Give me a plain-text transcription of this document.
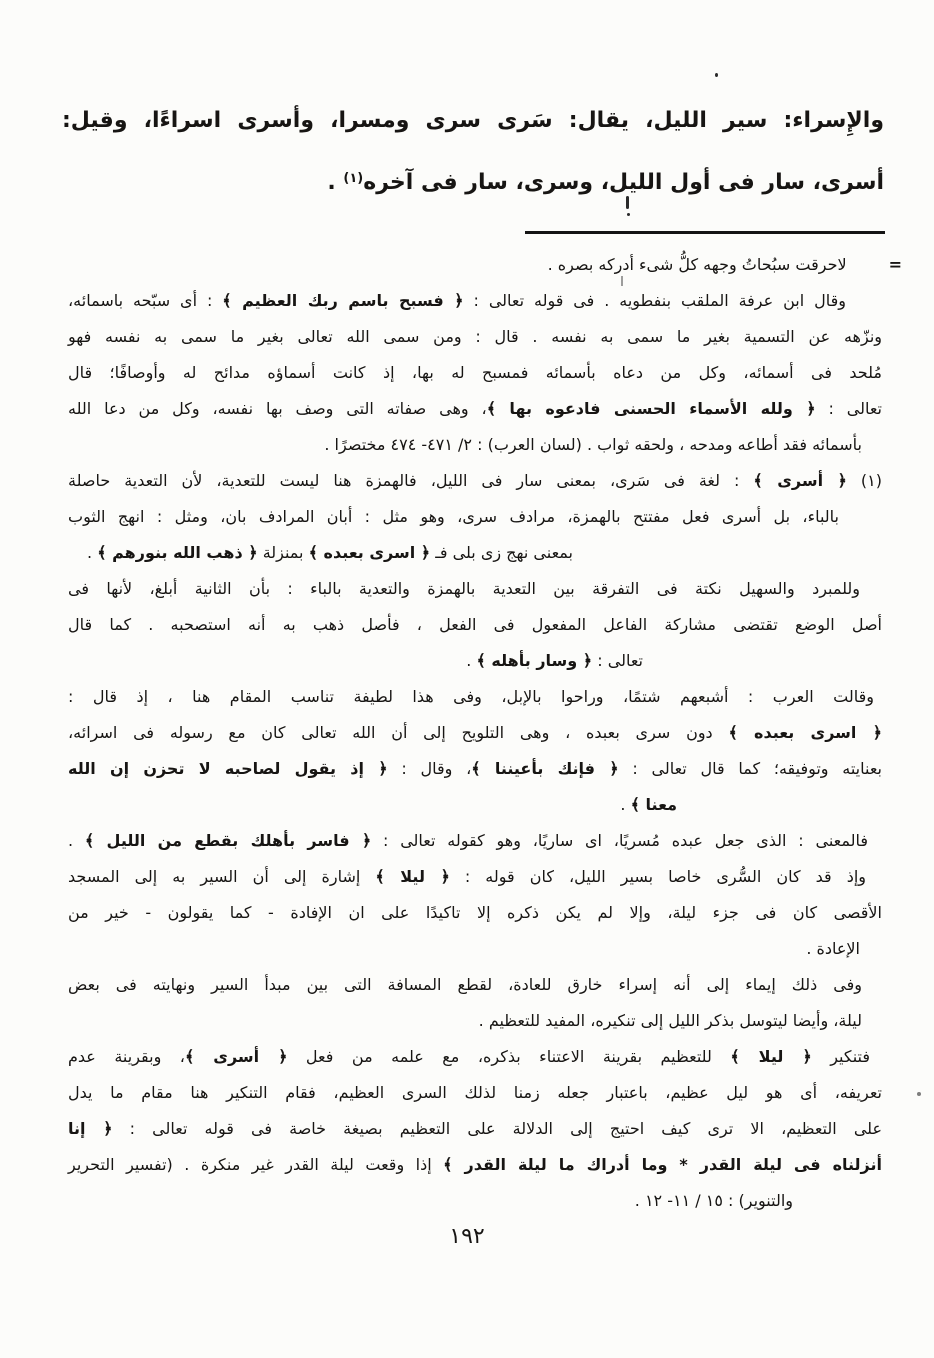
والإِسراء: سير الليل، يقال: سَرى سرى ومسرا، وأسرى اسراءًا، وقيل:
أسرى، سار فى أول الليل، وسرى، سار فى آخره$^{(١)}$ .
=لاحرقت سبُحاتُ وجهه كلُّ شىء أدركه بصره .
وقال ابن عرفة الملقب بنفطويه . فى قوله تعالى : ﴿ فسبح باسم ربك العظيم ﴾ : أى سبّحه باسمائه،
ونزّهه عن التسمية بغير ما سمى به نفسه . قال : ومن سمى الله تعالى بغير ما سمى به نفسه فهو
مُلحد فى أسمائه، وكل من دعاه بأسمائه فمسبح له بها، إذ كانت أسماؤه مدائح له وأوصافًا؛ قال
تعالى : ﴿ ولله الأسماء الحسنى فادعوه بها ﴾، وهى صفاته التى وصف بها نفسه، وكل من دعا الله
بأسمائه فقد أطاعه ومدحه ، ولحقه ثواب . (لسان العرب) : ٢/ ٤٧١- ٤٧٤ مختصرًا .
(١) ﴿ أسرى ﴾ : لغة فى سَرى، بمعنى سار فى الليل، فالهمزة هنا ليست للتعدية، لأن التعدية حاصلة
بالباء، بل أسرى فعل مفتتح بالهمزة، مرادف سرى، وهو مثل : أبان المرادف بان، ومثل : انهج الثوب
بمعنى نهج زى بلى فـ ﴿ اسرى بعبده ﴾ بمنزلة ﴿ ذهب الله بنورهم ﴾ .
وللمبرد والسهيل نكتة فى التفرقة بين التعدية بالهمزة والتعدية بالباء : بأن الثانية أبلغ، لأنها فى
أصل الوضع تقتضى مشاركة الفاعل المفعول فى الفعل ، فأصل ذهب به أنه استصحبه . كما قال
تعالى : ﴿ وسار بأهله ﴾ .
وقالت العرب : أشبعهم شتمًا، وراحوا بالإبل، وفى هذا لطيفة تناسب المقام هنا ، إذ قال :
﴿ اسرى بعبده ﴾ دون سرى بعبده ، وهى التلويح إلى أن الله تعالى كان مع رسوله فى اسرائه،
بعنايته وتوفيقه؛ كما قال تعالى : ﴿ فإنك بأعيننا ﴾، وقال : ﴿ إذ يقول لصاحبه لا تحزن إن الله
معنا ﴾ .
فالمعنى : الذى جعل عبده مُسريًا، اى ساريًا، وهو كقوله تعالى : ﴿ فاسر بأهلك بقطع من الليل ﴾ .
وإذ قد كان السُّرى خاصا بسير الليل، كان قوله : ﴿ ليلا ﴾ إشارة إلى أن السير به إلى المسجد
الأقصى كان فى جزء ليلة، وإلا لم يكن ذكره إلا تاكيدًا على ان الإفادة - كما يقولون - خير من
الإعادة .
وفى ذلك إيماء إلى أنه إسراء خارق للعادة، لقطع المسافة التى بين مبدأ السير ونهايته فى بعض
ليلة، وأيضا ليتوسل بذكر الليل إلى تنكيره، المفيد للتعظيم .
فتنكير ﴿ ليلا ﴾ للتعظيم بقرينة الاعتناء بذكره، مع علمه من فعل ﴿ أسرى ﴾، وبقرينة عدم
تعريفه، أى هو ليل عظيم، باعتبار جعله زمنا لذلك السرى العظيم، فقام التنكير هنا مقام ما يدل
على التعظيم، الا ترى كيف احتيج إلى الدلالة على التعظيم بصيغة خاصة فى قوله تعالى : ﴿ إنا
أنزلناه فى ليلة القدر * وما أدراك ما ليلة القدر ﴾ إذا وقعت ليلة القدر غير منكرة . (تفسير التحرير
والتنوير) : ١٥ / ١١- ١٢ .
١٩٢
